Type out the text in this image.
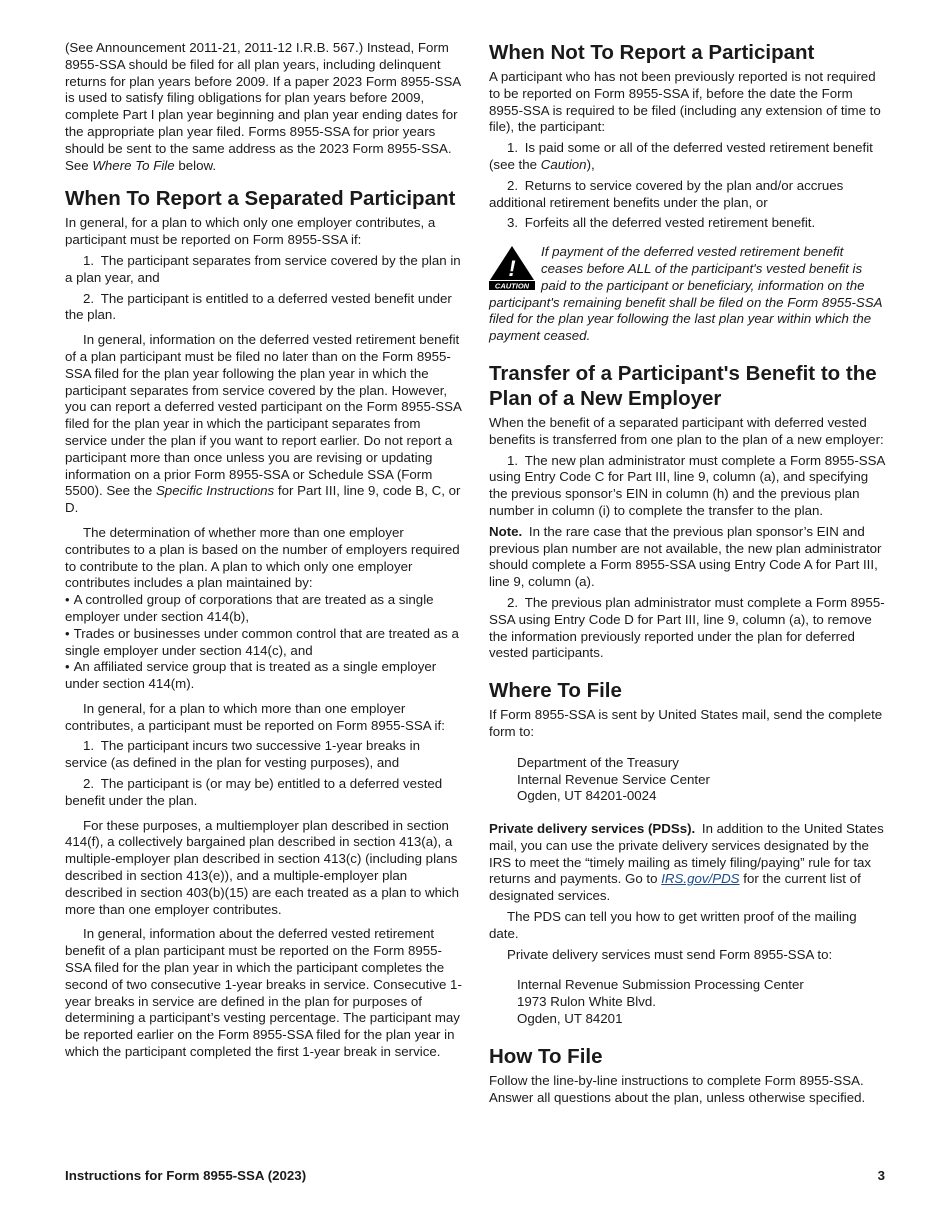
(See Announcement 2011-21, 2011-12 I.R.B. 567.) Instead, Form 8955-SSA should be filed for all plan years, including delinquent returns for plan years before 2009. If a paper 2023 Form 8955-SSA is used to satisfy filing obligations for plan years before 2009, complete Part I plan year beginning and plan year ending dates for the appropriate plan year filed. Forms 8955-SSA for prior years should be sent to the same address as the 2023 Form 8955-SSA. See Where To File below.

When To Report a Separated Participant

In general, for a plan to which only one employer contributes, a participant must be reported on Form 8955-SSA if:

1. The participant separates from service covered by the plan in a plan year, and

2. The participant is entitled to a deferred vested benefit under the plan.

In general, information on the deferred vested retirement benefit of a plan participant must be filed no later than on the Form 8955-SSA filed for the plan year following the plan year in which the participant separates from service covered by the plan. However, you can report a deferred vested participant on the Form 8955-SSA filed for the plan year in which the participant separates from service under the plan if you want to report earlier. Do not report a participant more than once unless you are revising or updating information on a prior Form 8955-SSA or Schedule SSA (Form 5500). See the Specific Instructions for Part III, line 9, code B, C, or D.

The determination of whether more than one employer contributes to a plan is based on the number of employers required to contribute to the plan. A plan to which only one employer contributes includes a plan maintained by:

• A controlled group of corporations that are treated as a single employer under section 414(b),

• Trades or businesses under common control that are treated as a single employer under section 414(c), and

• An affiliated service group that is treated as a single employer under section 414(m).

In general, for a plan to which more than one employer contributes, a participant must be reported on Form 8955-SSA if:

1. The participant incurs two successive 1-year breaks in service (as defined in the plan for vesting purposes), and

2. The participant is (or may be) entitled to a deferred vested benefit under the plan.

For these purposes, a multiemployer plan described in section 414(f), a collectively bargained plan described in section 413(a), a multiple-employer plan described in section 413(c) (including plans described in section 413(e)), and a multiple-employer plan described in section 403(b)(15) are each treated as a plan to which more than one employer contributes.

In general, information about the deferred vested retirement benefit of a plan participant must be reported on the Form 8955-SSA filed for the plan year in which the participant completes the second of two consecutive 1-year breaks in service. Consecutive 1-year breaks in service are defined in the plan for purposes of determining a participant’s vesting percentage. The participant may be reported earlier on the Form 8955-SSA filed for the plan year in which the participant completed the first 1-year break in service.

When Not To Report a Participant

A participant who has not been previously reported is not required to be reported on Form 8955-SSA if, before the date the Form 8955-SSA is required to be filed (including any extension of time to file), the participant:

1. Is paid some or all of the deferred vested retirement benefit (see the Caution),

2. Returns to service covered by the plan and/or accrues additional retirement benefits under the plan, or

3. Forfeits all the deferred vested retirement benefit.

!
CAUTION
If payment of the deferred vested retirement benefit ceases before ALL of the participant's vested benefit is paid to the participant or beneficiary, information on the participant's remaining benefit shall be filed on the Form 8955-SSA filed for the plan year following the last plan year within which the payment ceased.
Transfer of a Participant's Benefit to the Plan of a New Employer

When the benefit of a separated participant with deferred vested benefits is transferred from one plan to the plan of a new employer:

1. The new plan administrator must complete a Form 8955-SSA using Entry Code C for Part III, line 9, column (a), and specifying the previous sponsor’s EIN in column (h) and the previous plan number in column (i) to complete the transfer to the plan.

Note. In the rare case that the previous plan sponsor’s EIN and previous plan number are not available, the new plan administrator should complete a Form 8955-SSA using Entry Code A for Part III, line 9, column (a).

2. The previous plan administrator must complete a Form 8955-SSA using Entry Code D for Part III, line 9, column (a), to remove the information previously reported under the plan for deferred vested participants.

Where To File

If Form 8955-SSA is sent by United States mail, send the complete form to:

Department of the Treasury

Internal Revenue Service Center

Ogden, UT 84201-0024

Private delivery services (PDSs). In addition to the United States mail, you can use the private delivery services designated by the IRS to meet the “timely mailing as timely filing/paying” rule for tax returns and payments. Go to IRS.gov/PDS for the current list of designated services.

The PDS can tell you how to get written proof of the mailing date.

Private delivery services must send Form 8955-SSA to:

Internal Revenue Submission Processing Center

1973 Rulon White Blvd.

Ogden, UT 84201

How To File

Follow the line-by-line instructions to complete Form 8955-SSA. Answer all questions about the plan, unless otherwise specified.

Instructions for Form 8955-SSA (2023)	3
